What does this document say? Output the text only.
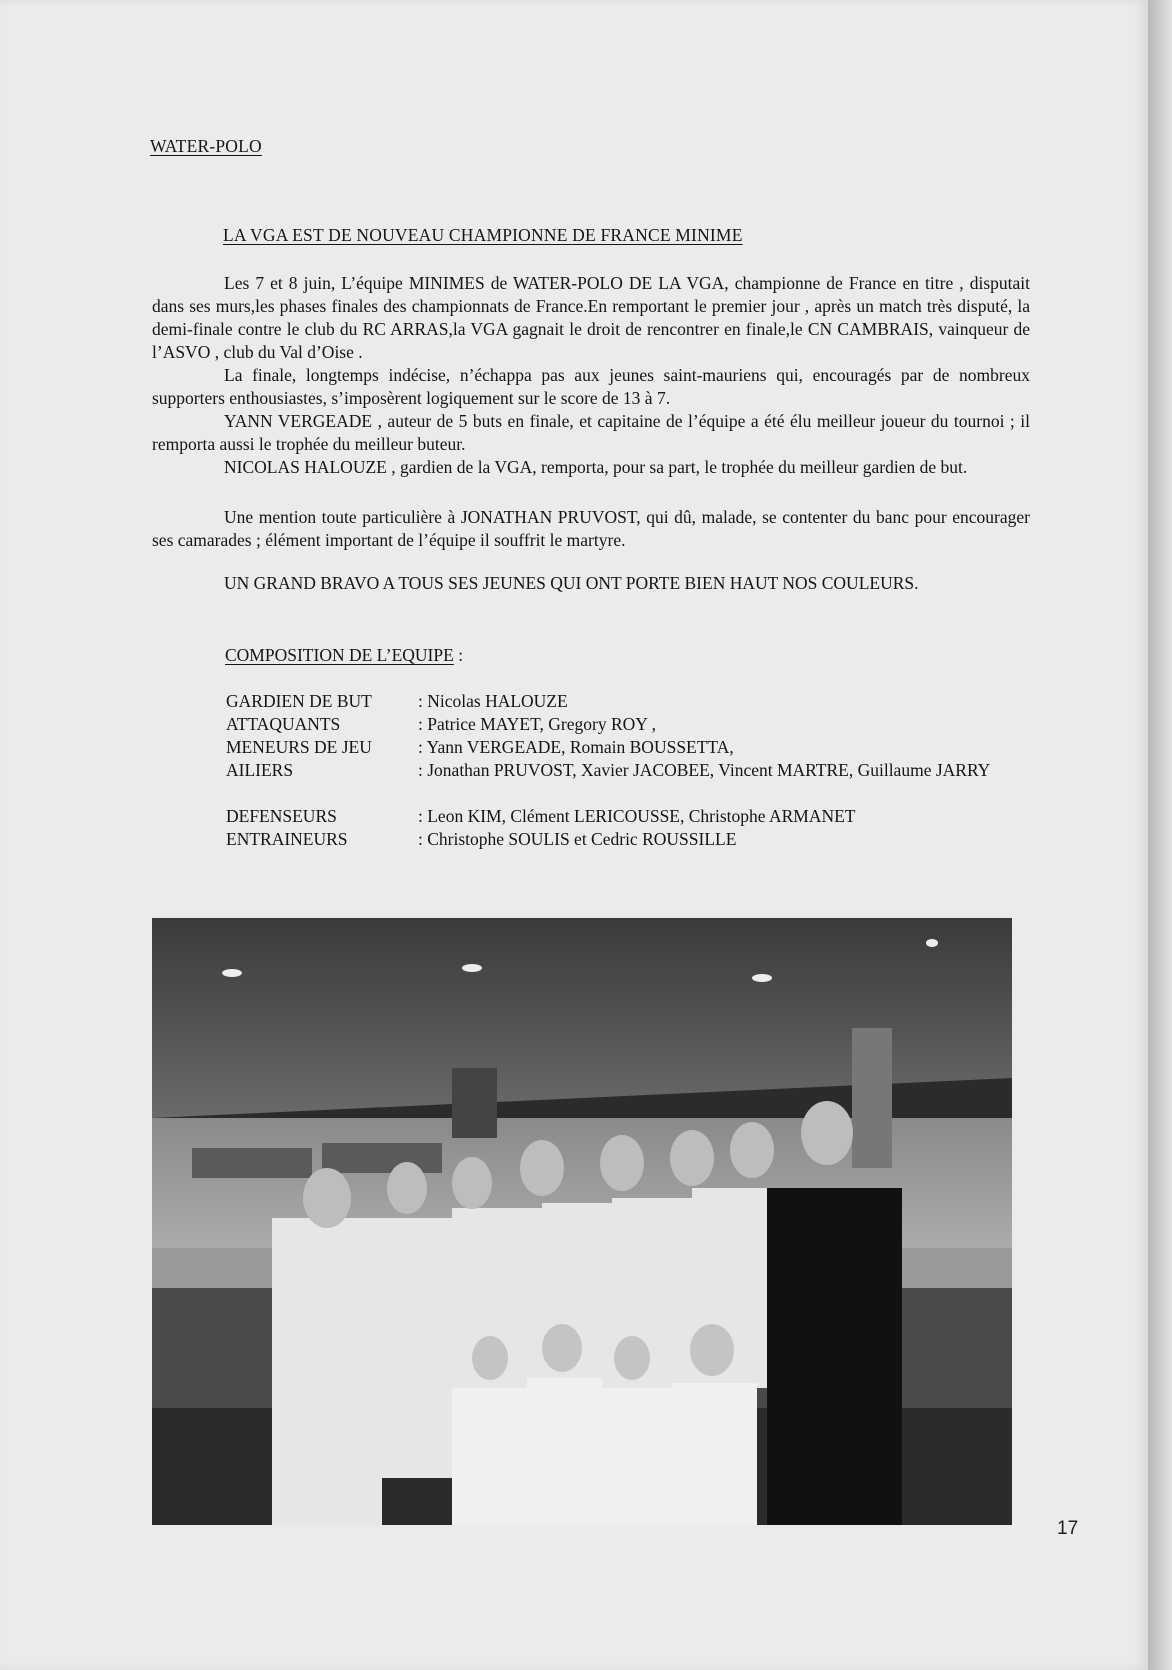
WATER-POLO
LA VGA EST DE NOUVEAU CHAMPIONNE DE FRANCE MINIME
Les 7 et 8 juin, L’équipe MINIMES de WATER-POLO DE LA VGA, championne de France en titre , disputait dans ses murs,les phases finales des championnats de France.En remportant le premier jour , après un match très disputé, la demi-finale contre le club du RC ARRAS,la VGA gagnait le droit de rencontrer en finale,le CN CAMBRAIS, vainqueur de l’ASVO , club du Val d’Oise .
La finale, longtemps indécise, n’échappa pas aux jeunes saint-mauriens qui, encouragés par de nombreux supporters enthousiastes, s’imposèrent logiquement sur le score de 13 à 7.
YANN VERGEADE , auteur de 5 buts en finale, et capitaine de l’équipe a été élu meilleur joueur du tournoi ; il remporta aussi le trophée du meilleur buteur.
NICOLAS HALOUZE , gardien de la VGA, remporta, pour sa part, le trophée du meilleur gardien de but.
Une mention toute particulière à JONATHAN PRUVOST, qui dû, malade, se contenter du banc pour encourager ses camarades ; élément important de l’équipe il souffrit le martyre.
UN GRAND BRAVO A TOUS SES JEUNES QUI ONT PORTE BIEN HAUT NOS COULEURS.
COMPOSITION DE L’EQUIPE :
GARDIEN DE BUT	: Nicolas HALOUZE
ATTAQUANTS	: Patrice MAYET, Gregory ROY ,
MENEURS DE JEU	: Yann VERGEADE, Romain BOUSSETTA,
AILIERS	: Jonathan PRUVOST, Xavier JACOBEE, Vincent MARTRE, Guillaume JARRY
DEFENSEURS	: Leon KIM, Clément LERICOUSSE, Christophe ARMANET
ENTRAINEURS	: Christophe SOULIS et Cedric ROUSSILLE
17
